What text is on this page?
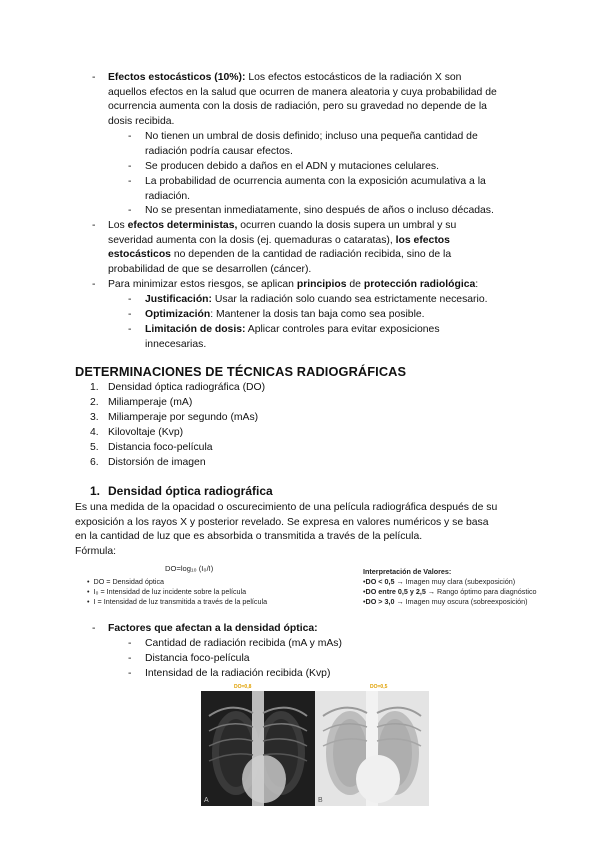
- Efectos estocásticos (10%): Los efectos estocásticos de la radiación X son
aquellos efectos en la salud que ocurren de manera aleatoria y cuya probabilidad de
ocurrencia aumenta con la dosis de radiación, pero su gravedad no depende de la
dosis recibida.
- No tienen un umbral de dosis definido; incluso una pequeña cantidad de
radiación podría causar efectos.
- Se producen debido a daños en el ADN y mutaciones celulares.
- La probabilidad de ocurrencia aumenta con la exposición acumulativa a la
radiación.
- No se presentan inmediatamente, sino después de años o incluso décadas.
- Los efectos deterministas, ocurren cuando la dosis supera un umbral y su
severidad aumenta con la dosis (ej. quemaduras o cataratas), los efectos
estocásticos no dependen de la cantidad de radiación recibida, sino de la
probabilidad de que se desarrollen (cáncer).
- Para minimizar estos riesgos, se aplican principios de protección radiológica:
- Justificación: Usar la radiación solo cuando sea estrictamente necesario.
- Optimización: Mantener la dosis tan baja como sea posible.
- Limitación de dosis: Aplicar controles para evitar exposiciones
innecesarias.
DETERMINACIONES DE TÉCNICAS RADIOGRÁFICAS
1. Densidad óptica radiográfica (DO)
2. Miliamperaje (mA)
3. Miliamperaje por segundo (mAs)
4. Kilovoltaje (Kvp)
5. Distancia foco-película
6. Distorsión de imagen
1. Densidad óptica radiográfica
Es una medida de la opacidad o oscurecimiento de una película radiográfica después de su
exposición a los rayos X y posterior revelado. Se expresa en valores numéricos y se basa
en la cantidad de luz que es absorbida o transmitida a través de la película.
Fórmula:
DO=log₁₀ (I₀/I)
•  DO = Densidad óptica
•  I₀ = Intensidad de luz incidente sobre la película
•  I = Intensidad de luz transmitida a través de la película
Interpretación de Valores:
•DO < 0,5 → Imagen muy clara (subexposición)
•DO entre 0,5 y 2,5 → Rango óptimo para diagnóstico
•DO > 3,0 → Imagen muy oscura (sobreexposición)
- Factores que afectan a la densidad óptica:
- Cantidad de radiación recibida (mA y mAs)
- Distancia foco-película
- Intensidad de la radiación recibida (Kvp)
DO=0,8	DO=0,5
A	B
